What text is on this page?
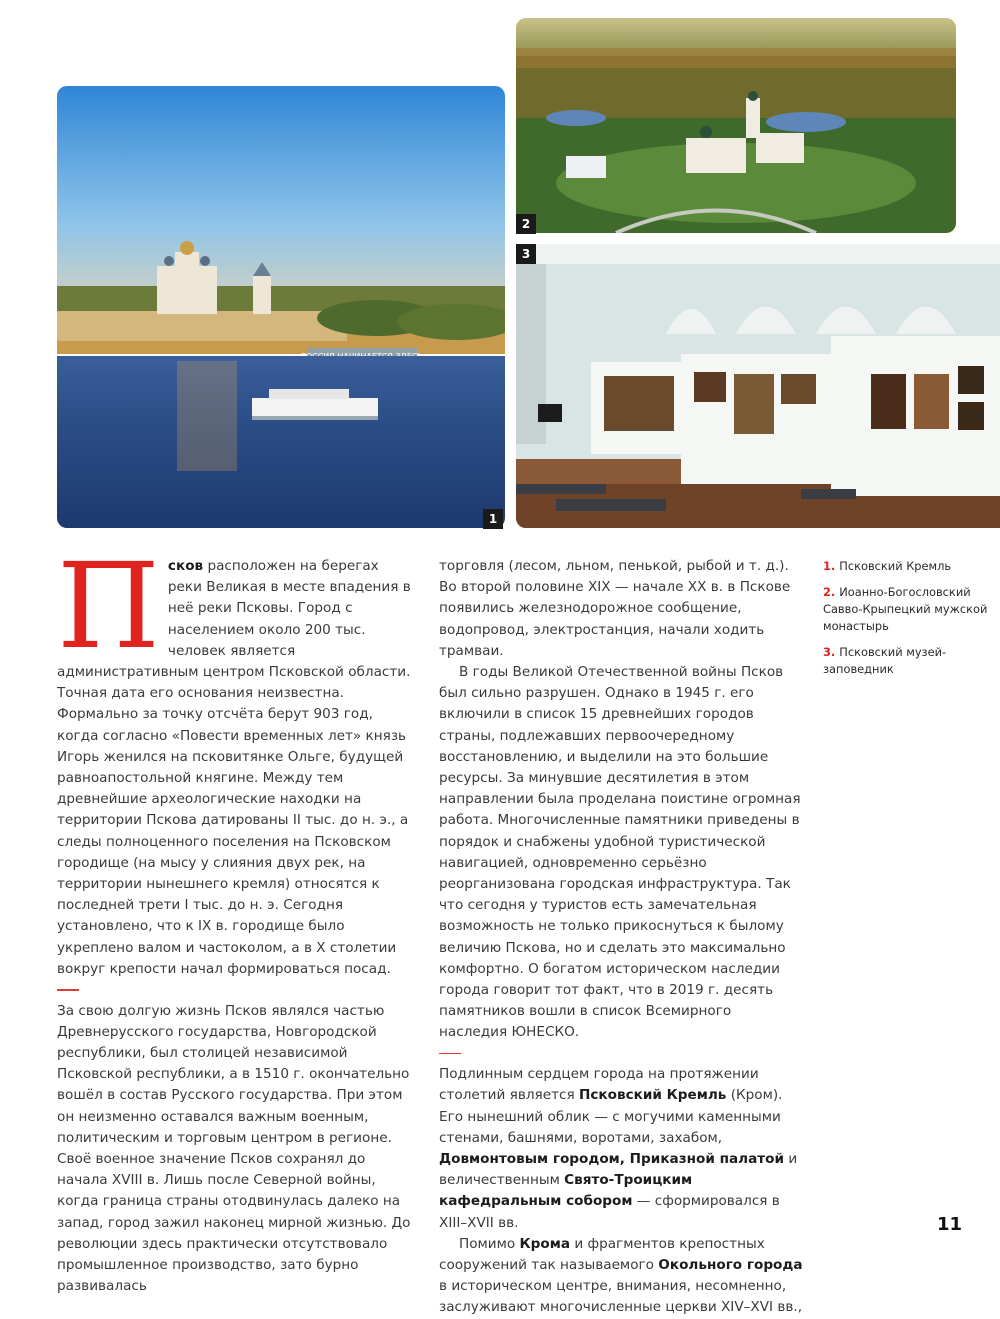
1
2
3

Псков расположен на берегах реки Великая в месте впадения в неё реки Псковы. Город с населением около 200 тыс. человек является административным центром Псковской области. Точная дата его основания неизвестна. Формально за точку отсчёта берут 903 год, когда согласно «Повести временных лет» князь Игорь женился на псковитянке Ольге, будущей равноапостольной княгине. Между тем древнейшие археологические находки на территории Пскова датированы II тыс. до н. э., а следы полноценного поселения на Псковском городище (на мысу у слияния двух рек, на территории нынешнего кремля) относятся к последней трети I тыс. до н. э. Сегодня установлено, что к IX в. городище было укреплено валом и частоколом, а в X столетии вокруг крепости начал формироваться посад.

За свою долгую жизнь Псков являлся частью Древнерусского государства, Новгородской республики, был столицей независимой Псковской республики, а в 1510 г. окончательно вошёл в состав Русского государства. При этом он неизменно оставался важным военным, политическим и торговым центром в регионе. Своё военное значение Псков сохранял до начала XVIII в. Лишь после Северной войны, когда граница страны отодвинулась далеко на запад, город зажил наконец мирной жизнью. До революции здесь практически отсутствовало промышленное производство, зато бурно развивалась

торговля (лесом, льном, пенькой, рыбой и т. д.). Во второй половине XIX — начале XX в. в Пскове появились железнодорожное сообщение, водопровод, электростанция, начали ходить трамваи.

В годы Великой Отечественной войны Псков был сильно разрушен. Однако в 1945 г. его включили в список 15 древнейших городов страны, подлежавших первоочередному восстановлению, и выделили на это большие ресурсы. За минувшие десятилетия в этом направлении была проделана поистине огромная работа. Многочисленные памятники приведены в порядок и снабжены удобной туристической навигацией, одновременно серьёзно реорганизована городская инфраструктура. Так что сегодня у туристов есть замечательная возможность не только прикоснуться к былому величию Пскова, но и сделать это максимально комфортно. О богатом историческом наследии города говорит тот факт, что в 2019 г. десять памятников вошли в список Всемирного наследия ЮНЕСКО.

Подлинным сердцем города на протяжении столетий является Псковский Кремль (Кром). Его нынешний облик — с могучими каменными стенами, башнями, воротами, захабом, Довмонтовым городом, Приказной палатой и величественным Свято-Троицким кафедральным собором — сформировался в XIII–XVII вв.

Помимо Крома и фрагментов крепостных сооружений так называемого Окольного города в историческом центре, внимания, несомненно, заслуживают многочисленные церкви XIV–XVI вв.,

1. Псковский Кремль
2. Иоанно-Богословский Савво-Крыпецкий мужской монастырь
3. Псковский музей-заповедник
11
